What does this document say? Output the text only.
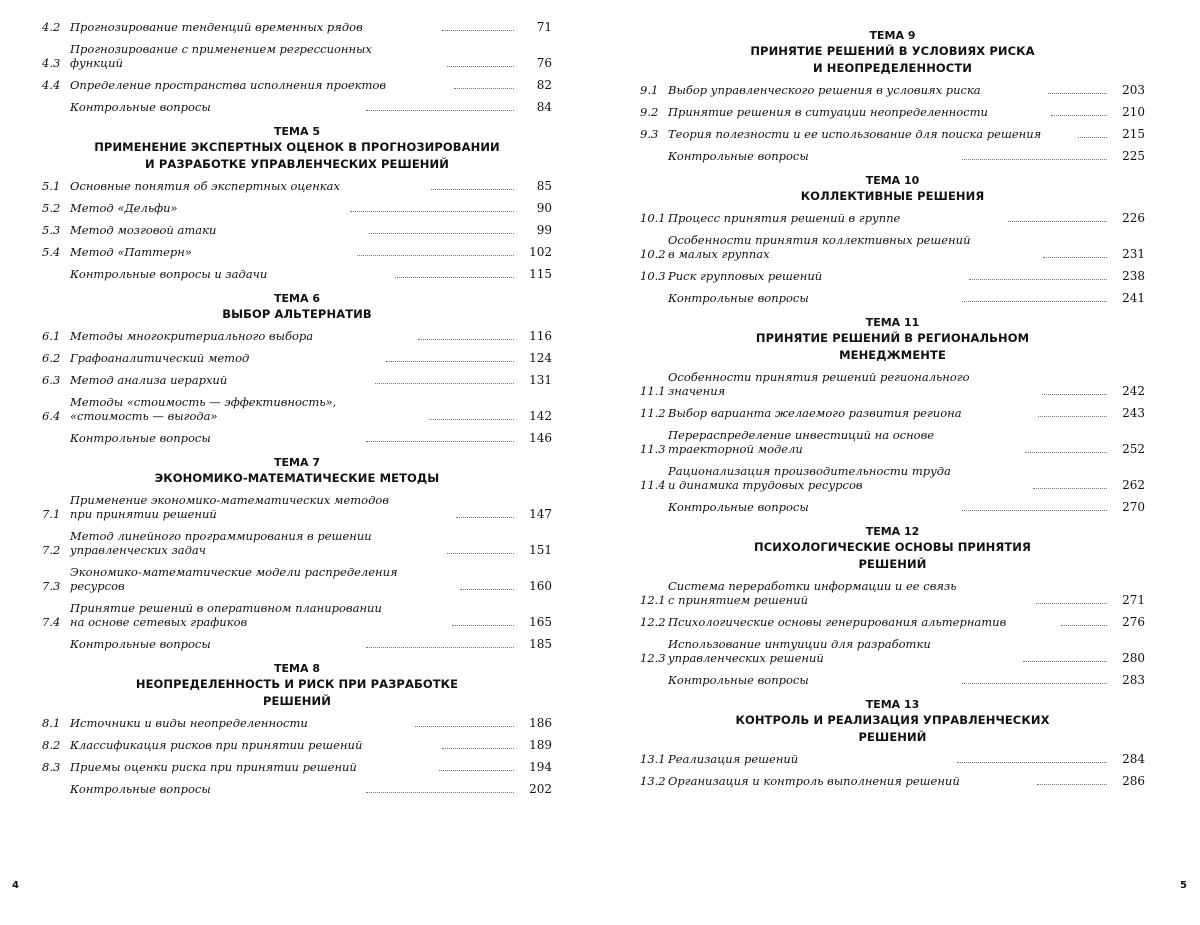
4.2 Прогнозирование тенденций временных рядов	71
4.3
Прогнозирование с применением регрессионных
функций	76
4.4 Определение пространства исполнения проектов	82
Контрольные вопросы	84
ТЕМА 5
ПРИМЕНЕНИЕ ЭКСПЕРТНЫХ ОЦЕНОК В ПРОГНОЗИРОВАНИИ
И РАЗРАБОТКЕ УПРАВЛЕНЧЕСКИХ РЕШЕНИЙ
5.1 Основные понятия об экспертных оценках	85
5.2 Метод «Дельфи»	90
5.3 Метод мозговой атаки	99
5.4 Метод «Паттерн»	102
Контрольные вопросы и задачи	115
ТЕМА 6
ВЫБОР АЛЬТЕРНАТИВ
6.1 Методы многокритериального выбора	116
6.2 Графоаналитический метод	124
6.3 Метод анализа иерархий	131
6.4
Методы «стоимость — эффективность»,
«стоимость — выгода»	142
Контрольные вопросы	146
ТЕМА 7
ЭКОНОМИКО-МАТЕМАТИЧЕСКИЕ МЕТОДЫ
7.1
Применение экономико-математических методов
при принятии решений	147
7.2
Метод линейного программирования в решении
управленческих задач	151
7.3
Экономико-математические модели распределения
ресурсов	160
7.4
Принятие решений в оперативном планировании
на основе сетевых графиков	165
Контрольные вопросы	185
ТЕМА 8
НЕОПРЕДЕЛЕННОСТЬ И РИСК ПРИ РАЗРАБОТКЕ
РЕШЕНИЙ
8.1 Источники и виды неопределенности	186
8.2 Классификация рисков при принятии решений	189
8.3 Приемы оценки риска при принятии решений	194
Контрольные вопросы	202
ТЕМА 9
ПРИНЯТИЕ РЕШЕНИЙ В УСЛОВИЯХ РИСКА
И НЕОПРЕДЕЛЕННОСТИ
9.1 Выбор управленческого решения в условиях риска	203
9.2 Принятие решения в ситуации неопределенности	210
9.3 Теория полезности и ее использование для поиска решения	215
Контрольные вопросы	225
ТЕМА 10
КОЛЛЕКТИВНЫЕ РЕШЕНИЯ
10.1 Процесс принятия решений в группе	226
10.2
Особенности принятия коллективных решений
в малых группах	231
10.3 Риск групповых решений	238
Контрольные вопросы	241
ТЕМА 11
ПРИНЯТИЕ РЕШЕНИЙ В РЕГИОНАЛЬНОМ
МЕНЕДЖМЕНТЕ
11.1
Особенности принятия решений регионального
значения	242
11.2 Выбор варианта желаемого развития региона	243
11.3
Перераспределение инвестиций на основе
траекторной модели	252
11.4
Рационализация производительности труда
и динамика трудовых ресурсов	262
Контрольные вопросы	270
ТЕМА 12
ПСИХОЛОГИЧЕСКИЕ ОСНОВЫ ПРИНЯТИЯ
РЕШЕНИЙ
12.1
Система переработки информации и ее связь
с принятием решений	271
12.2 Психологические основы генерирования альтернатив	276
12.3
Использование интуиции для разработки
управленческих решений	280
Контрольные вопросы	283
ТЕМА 13
КОНТРОЛЬ И РЕАЛИЗАЦИЯ УПРАВЛЕНЧЕСКИХ
РЕШЕНИЙ
13.1 Реализация решений	284
13.2 Организация и контроль выполнения решений	286
4	5
